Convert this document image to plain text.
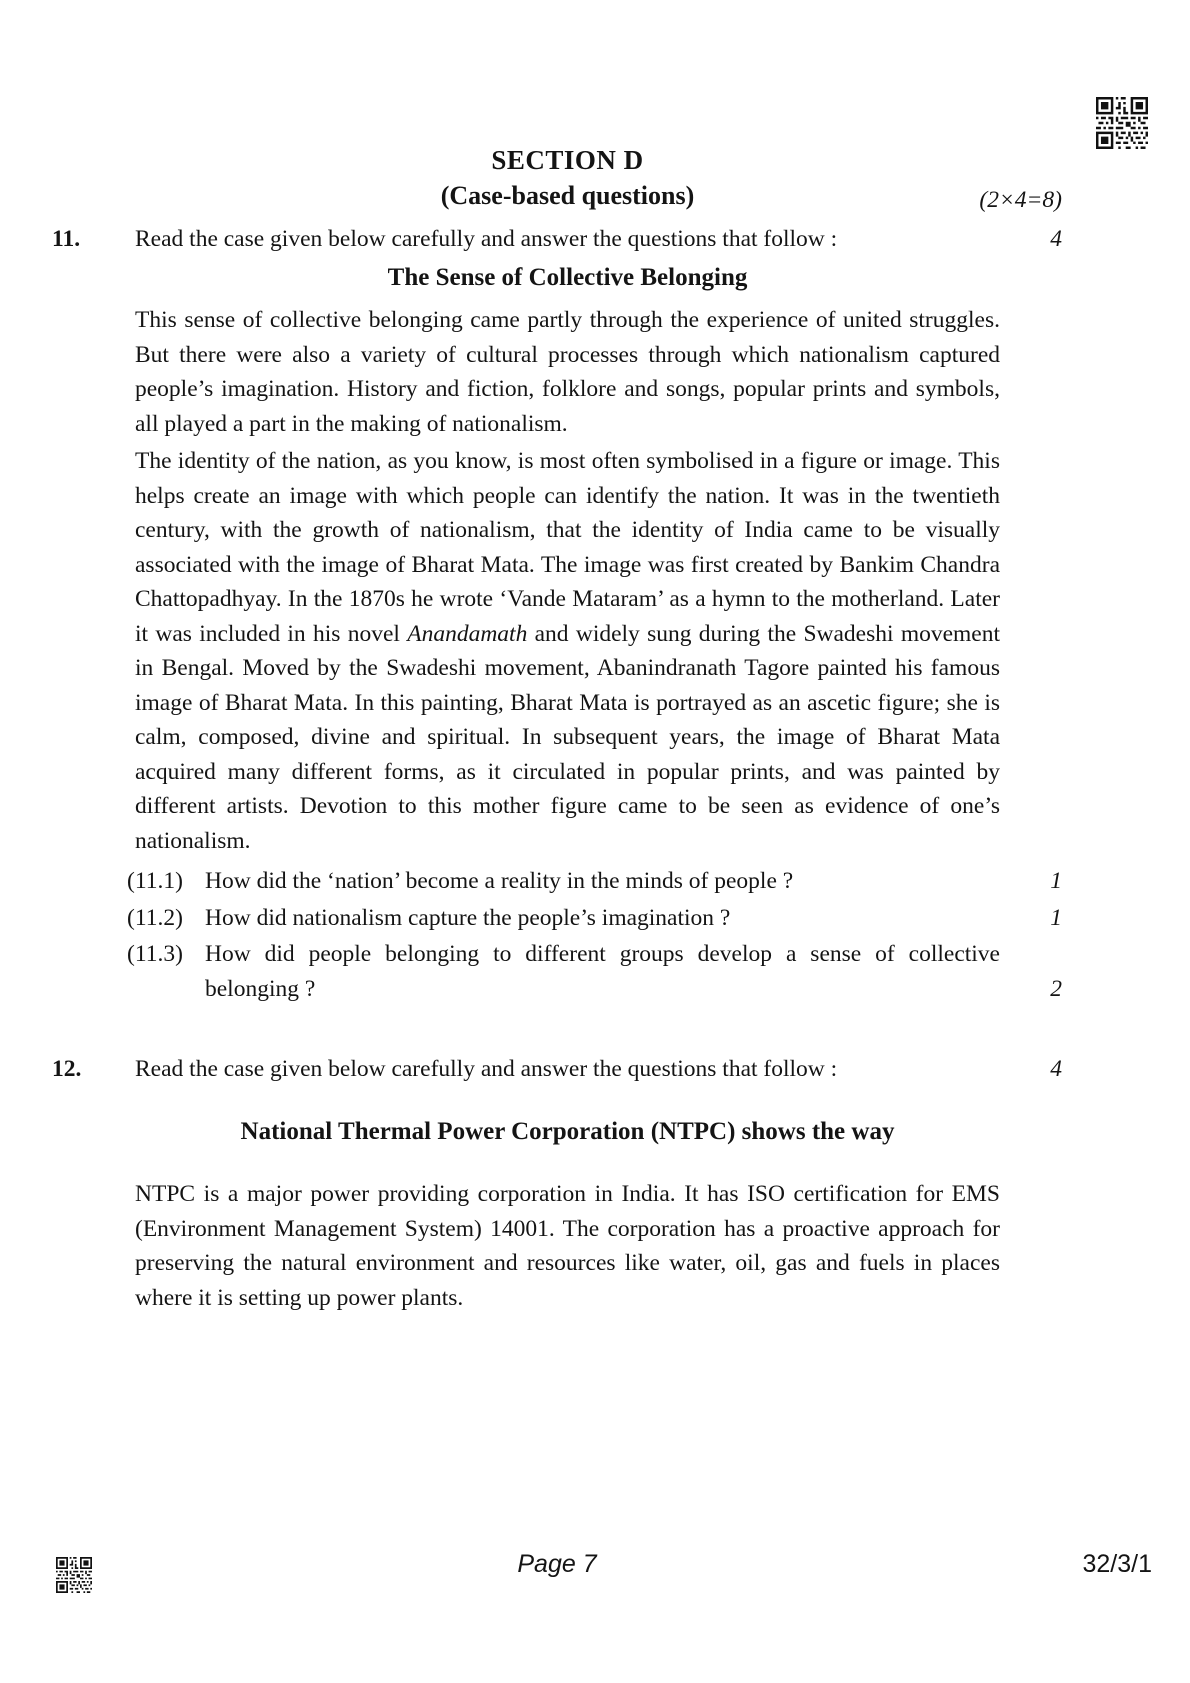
SECTION D
(Case-based questions)	(2×4=8)
11.	Read the case given below carefully and answer the questions that follow :	4
The Sense of Collective Belonging

This sense of collective belonging came partly through the experience of united struggles. But there were also a variety of cultural processes through which nationalism captured people’s imagination. History and fiction, folklore and songs, popular prints and symbols, all played a part in the making of nationalism.

The identity of the nation, as you know, is most often symbolised in a figure or image. This helps create an image with which people can identify the nation. It was in the twentieth century, with the growth of nationalism, that the identity of India came to be visually associated with the image of Bharat Mata. The image was first created by Bankim Chandra Chattopadhyay. In the 1870s he wrote ‘Vande Mataram’ as a hymn to the motherland. Later it was included in his novel Anandamath and widely sung during the Swadeshi movement in Bengal. Moved by the Swadeshi movement, Abanindranath Tagore painted his famous image of Bharat Mata. In this painting, Bharat Mata is portrayed as an ascetic figure; she is calm, composed, divine and spiritual. In subsequent years, the image of Bharat Mata acquired many different forms, as it circulated in popular prints, and was painted by different artists. Devotion to this mother figure came to be seen as evidence of one’s nationalism.

(11.1) How did the ‘nation’ become a reality in the minds of people ?	1
(11.2) How did nationalism capture the people’s imagination ?	1
(11.3) How did people belonging to different groups develop a sense of collective belonging ?	2
12.	Read the case given below carefully and answer the questions that follow :	4
National Thermal Power Corporation (NTPC) shows the way

NTPC is a major power providing corporation in India. It has ISO certification for EMS (Environment Management System) 14001. The corporation has a proactive approach for preserving the natural environment and resources like water, oil, gas and fuels in places where it is setting up power plants.

Page 7	32/3/1
